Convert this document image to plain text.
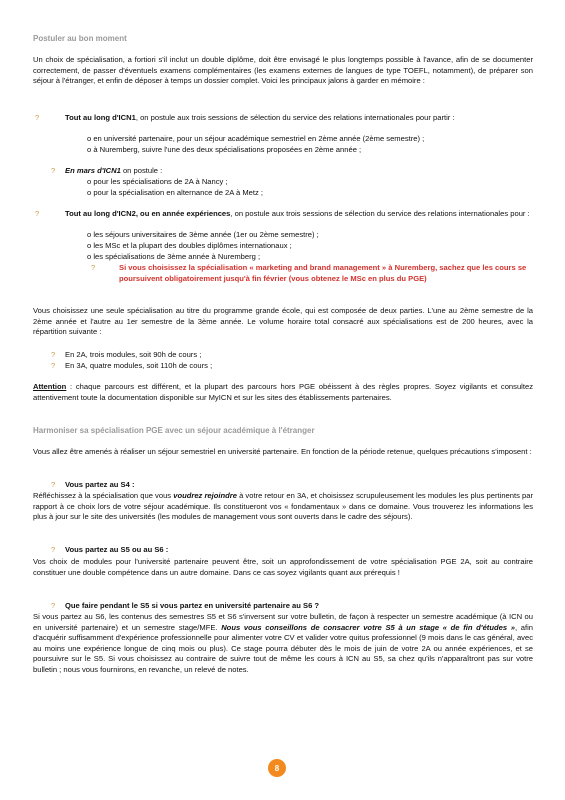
Postuler au bon moment

Un choix de spécialisation, a fortiori s'il inclut un double diplôme, doit être envisagé le plus longtemps possible à l'avance, afin de se documenter correctement, de passer d'éventuels examens complémentaires (les examens externes de langues de type TOEFL, notamment), de préparer son séjour à l'étranger, et enfin de déposer à temps un dossier complet. Voici les principaux jalons à garder en mémoire :

?	Tout au long d'ICN1, on postule aux trois sessions de sélection du service des relations internationales pour partir :
o en université partenaire, pour un séjour académique semestriel en 2ème année (2ème semestre) ;
o à Nuremberg, suivre l'une des deux spécialisations proposées en 2ème année ;
? En mars d'ICN1 on postule :
o pour les spécialisations de 2A à Nancy ;
o pour la spécialisation en alternance de 2A à Metz ;
?	Tout au long d'ICN2, ou en année expériences, on postule aux trois sessions de sélection du service des relations internationales pour :
o les séjours universitaires de 3ème année (1er ou 2ème semestre) ;
o les MSc et la plupart des doubles diplômes internationaux ;
o les spécialisations de 3ème année à Nuremberg ;
?	Si vous choisissez la spécialisation « marketing and brand management » à Nuremberg, sachez que les cours se poursuivent obligatoirement jusqu'à fin février (vous obtenez le MSc en plus du PGE)

Vous choisissez une seule spécialisation au titre du programme grande école, qui est composée de deux parties. L'une au 2ème semestre de la 2ème année et l'autre au 1er semestre de la 3ème année. Le volume horaire total consacré aux spécialisations est de 200 heures, avec la répartition suivante :

? En 2A, trois modules, soit 90h de cours ;
? En 3A, quatre modules, soit 110h de cours ;

Attention : chaque parcours est différent, et la plupart des parcours hors PGE obéissent à des règles propres. Soyez vigilants et consultez attentivement toute la documentation disponible sur MyICN et sur les sites des établissements partenaires.

Harmoniser sa spécialisation PGE avec un séjour académique à l'étranger

Vous allez être amenés à réaliser un séjour semestriel en université partenaire. En fonction de la période retenue, quelques précautions s'imposent :

? Vous partez au S4 :

Réfléchissez à la spécialisation que vous voudrez rejoindre à votre retour en 3A, et choisissez scrupuleusement les modules les plus pertinents par rapport à ce choix lors de votre séjour académique. Ils constitueront vos « fondamentaux » dans ce domaine. Vous trouverez les informations les plus à jour sur le site des universités (les modules de management vous sont ouverts dans le cadre des séjours).

? Vous partez au S5 ou au S6 :

Vos choix de modules pour l'université partenaire peuvent être, soit un approfondissement de votre spécialisation PGE 2A, soit au contraire constituer une double compétence dans un autre domaine. Dans ce cas soyez vigilants quant aux prérequis !

? Que faire pendant le S5 si vous partez en université partenaire au S6 ?

Si vous partez au S6, les contenus des semestres S5 et S6 s'inversent sur votre bulletin, de façon à respecter un semestre académique (à ICN ou en université partenaire) et un semestre stage/MFE. Nous vous conseillons de consacrer votre S5 à un stage « de fin d'études », afin d'acquérir suffisamment d'expérience professionnelle pour alimenter votre CV et valider votre quitus professionnel (9 mois dans le cas général, avec au moins une expérience longue de cinq mois ou plus). Ce stage pourra débuter dès le mois de juin de votre 2A ou année expériences, et se poursuivre sur le S5. Si vous choisissez au contraire de suivre tout de même les cours à ICN au S5, sa chez qu'ils n'apparaîtront pas sur votre bulletin ; nous vous fournirons, en revanche, un relevé de notes.

8
